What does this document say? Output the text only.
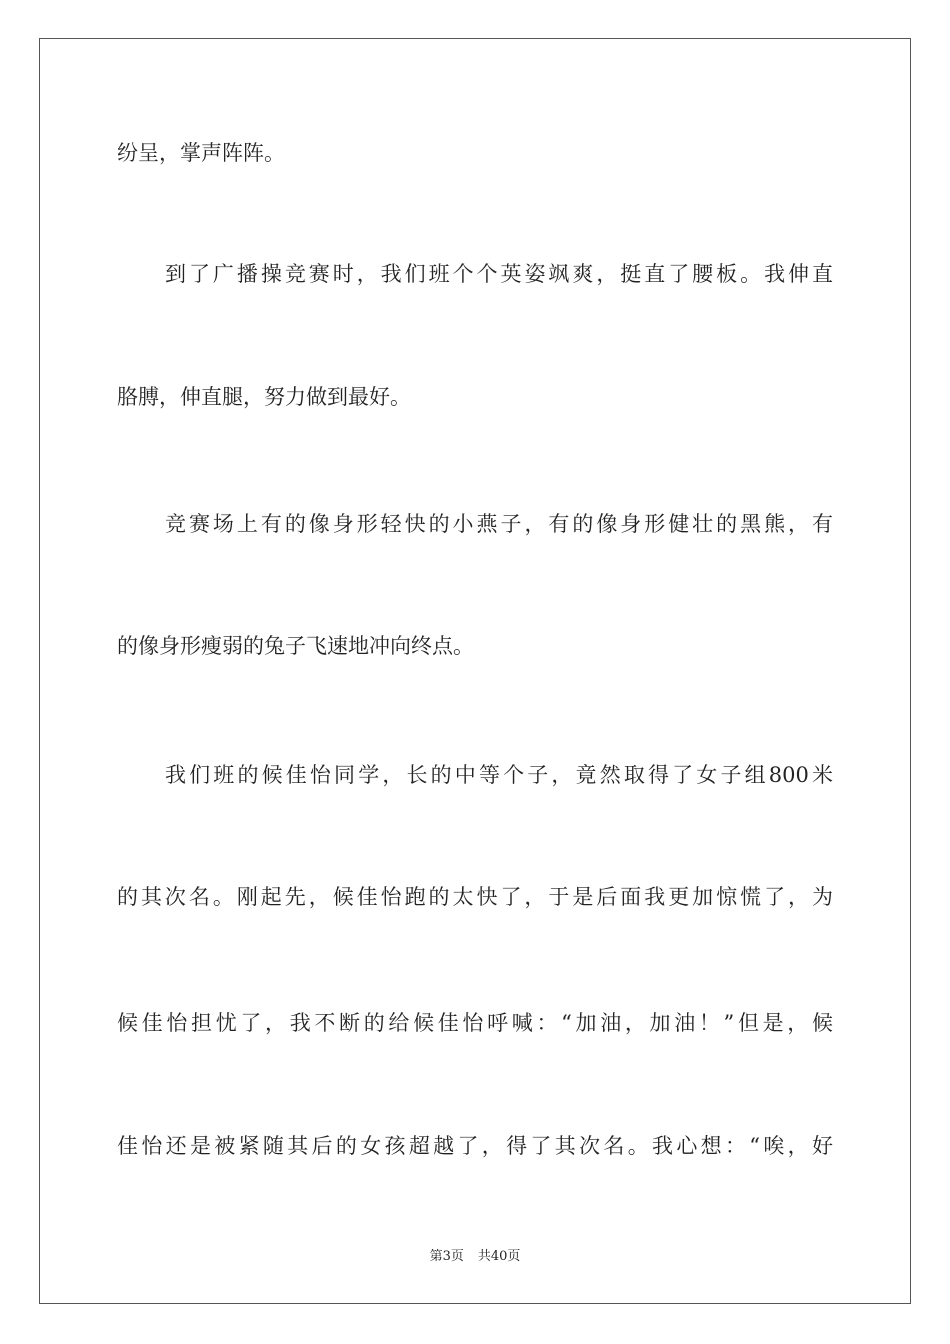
纷呈，掌声阵阵。
到了广播操竞赛时，我们班个个英姿飒爽，挺直了腰板。我伸直
胳膊，伸直腿，努力做到最好。
竞赛场上有的像身形轻快的小燕子，有的像身形健壮的黑熊，有
的像身形瘦弱的兔子飞速地冲向终点。
我们班的候佳怡同学，长的中等个子，竟然取得了女子组800米
的其次名。刚起先，候佳怡跑的太快了，于是后面我更加惊慌了，为
候佳怡担忧了，我不断的给候佳怡呼喊：“加油，加油！”但是，候
佳怡还是被紧随其后的女孩超越了，得了其次名。我心想：“唉，好
第3页 共40页
